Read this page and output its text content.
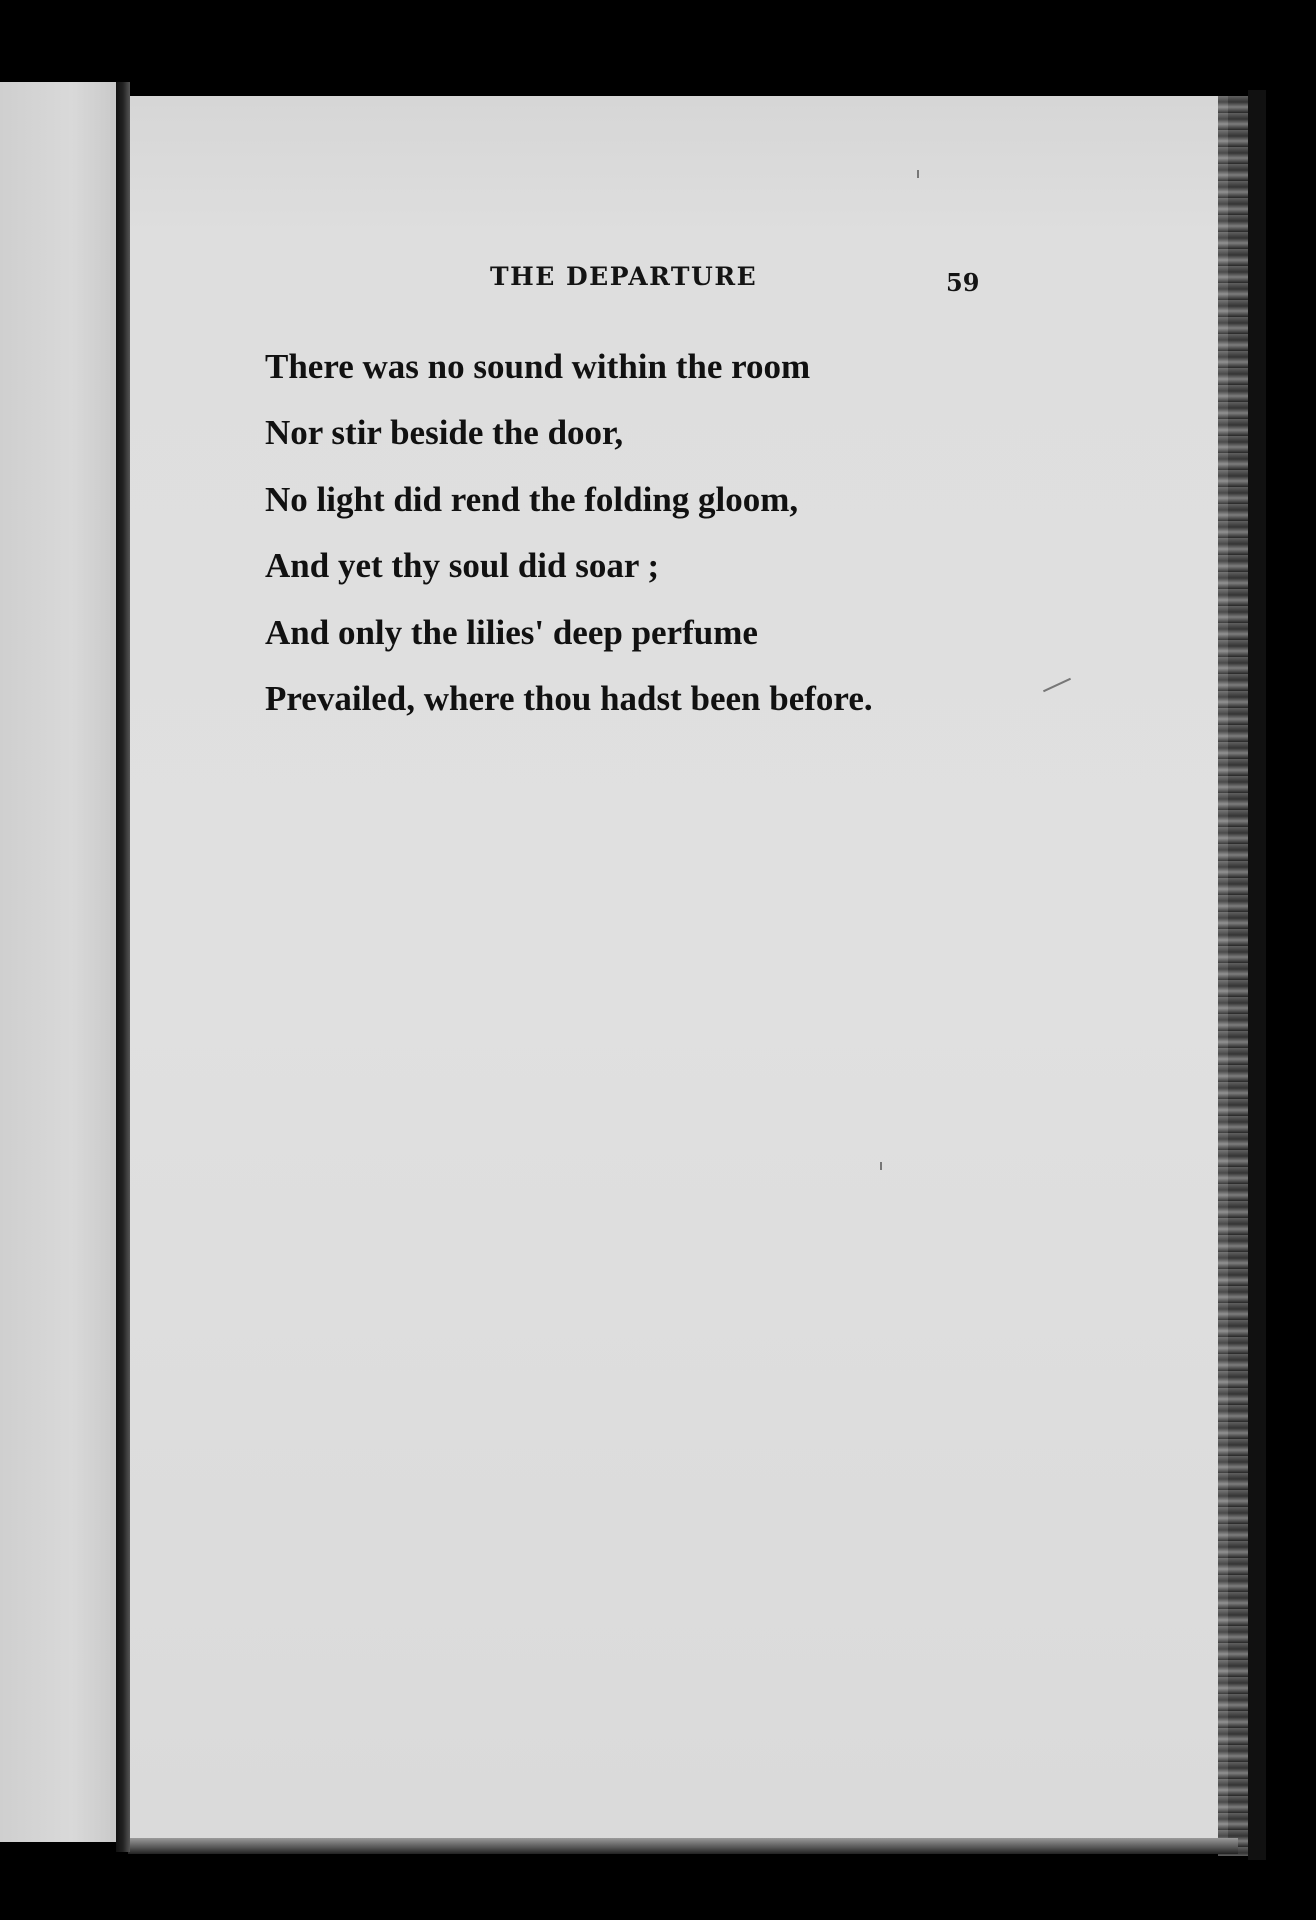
THE DEPARTURE	59
There was no sound within the room
Nor stir beside the door,
No light did rend the folding gloom,
And yet thy soul did soar ;
And only the lilies' deep perfume
Prevailed, where thou hadst been before.
